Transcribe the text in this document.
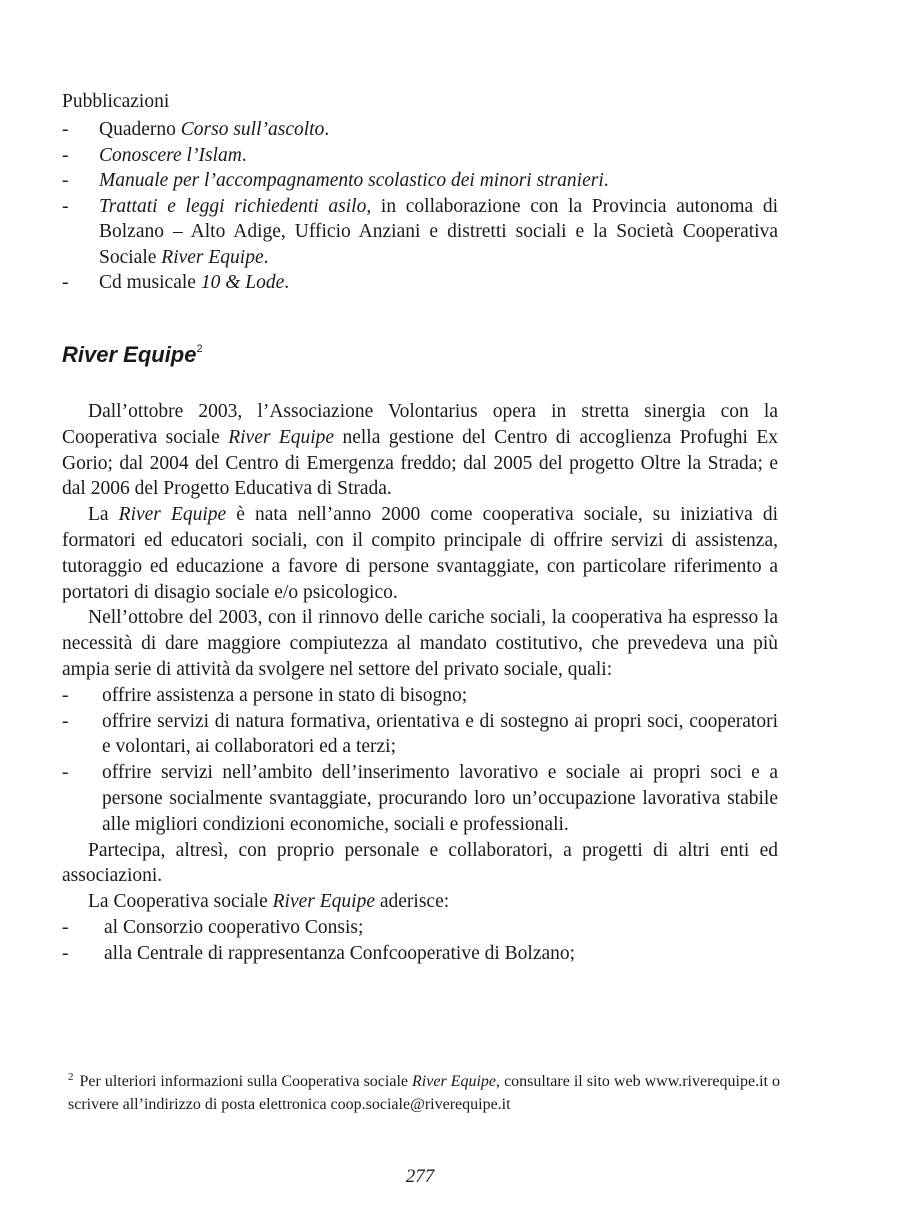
Pubblicazioni
- Quaderno Corso sull’ascolto.
- Conoscere l’Islam.
- Manuale per l’accompagnamento scolastico dei minori stranieri.
- Trattati e leggi richiedenti asilo, in collaborazione con la Provincia autonoma di Bolzano – Alto Adige, Ufficio Anziani e distretti sociali e la Società Cooperativa Sociale River Equipe.
- Cd musicale 10 & Lode.
River Equipe$^2$

Dall’ottobre 2003, l’Associazione Volontarius opera in stretta sinergia con la Cooperativa sociale River Equipe nella gestione del Centro di accoglienza Profughi Ex Gorio; dal 2004 del Centro di Emergenza freddo; dal 2005 del progetto Oltre la Strada; e dal 2006 del Progetto Educativa di Strada.

La River Equipe è nata nell’anno 2000 come cooperativa sociale, su iniziativa di formatori ed educatori sociali, con il compito principale di offrire servizi di assistenza, tutoraggio ed educazione a favore di persone svantaggiate, con particolare riferimento a portatori di disagio sociale e/o psicologico.

Nell’ottobre del 2003, con il rinnovo delle cariche sociali, la cooperativa ha espresso la necessità di dare maggiore compiutezza al mandato costitutivo, che prevedeva una più ampia serie di attività da svolgere nel settore del privato sociale, quali:

- offrire assistenza a persone in stato di bisogno;
- offrire servizi di natura formativa, orientativa e di sostegno ai propri soci, cooperatori e volontari, ai collaboratori ed a terzi;
- offrire servizi nell’ambito dell’inserimento lavorativo e sociale ai propri soci e a persone socialmente svantaggiate, procurando loro un’occupazione lavorativa stabile alle migliori condizioni economiche, sociali e professionali.

Partecipa, altresì, con proprio personale e collaboratori, a progetti di altri enti ed associazioni.

La Cooperativa sociale River Equipe aderisce:

- al Consorzio cooperativo Consis;
- alla Centrale di rappresentanza Confcooperative di Bolzano;
$^2$ Per ulteriori informazioni sulla Cooperativa sociale River Equipe, consultare il sito web www.riverequipe.it o scrivere all’indirizzo di posta elettronica coop.sociale@riverequipe.it
277
